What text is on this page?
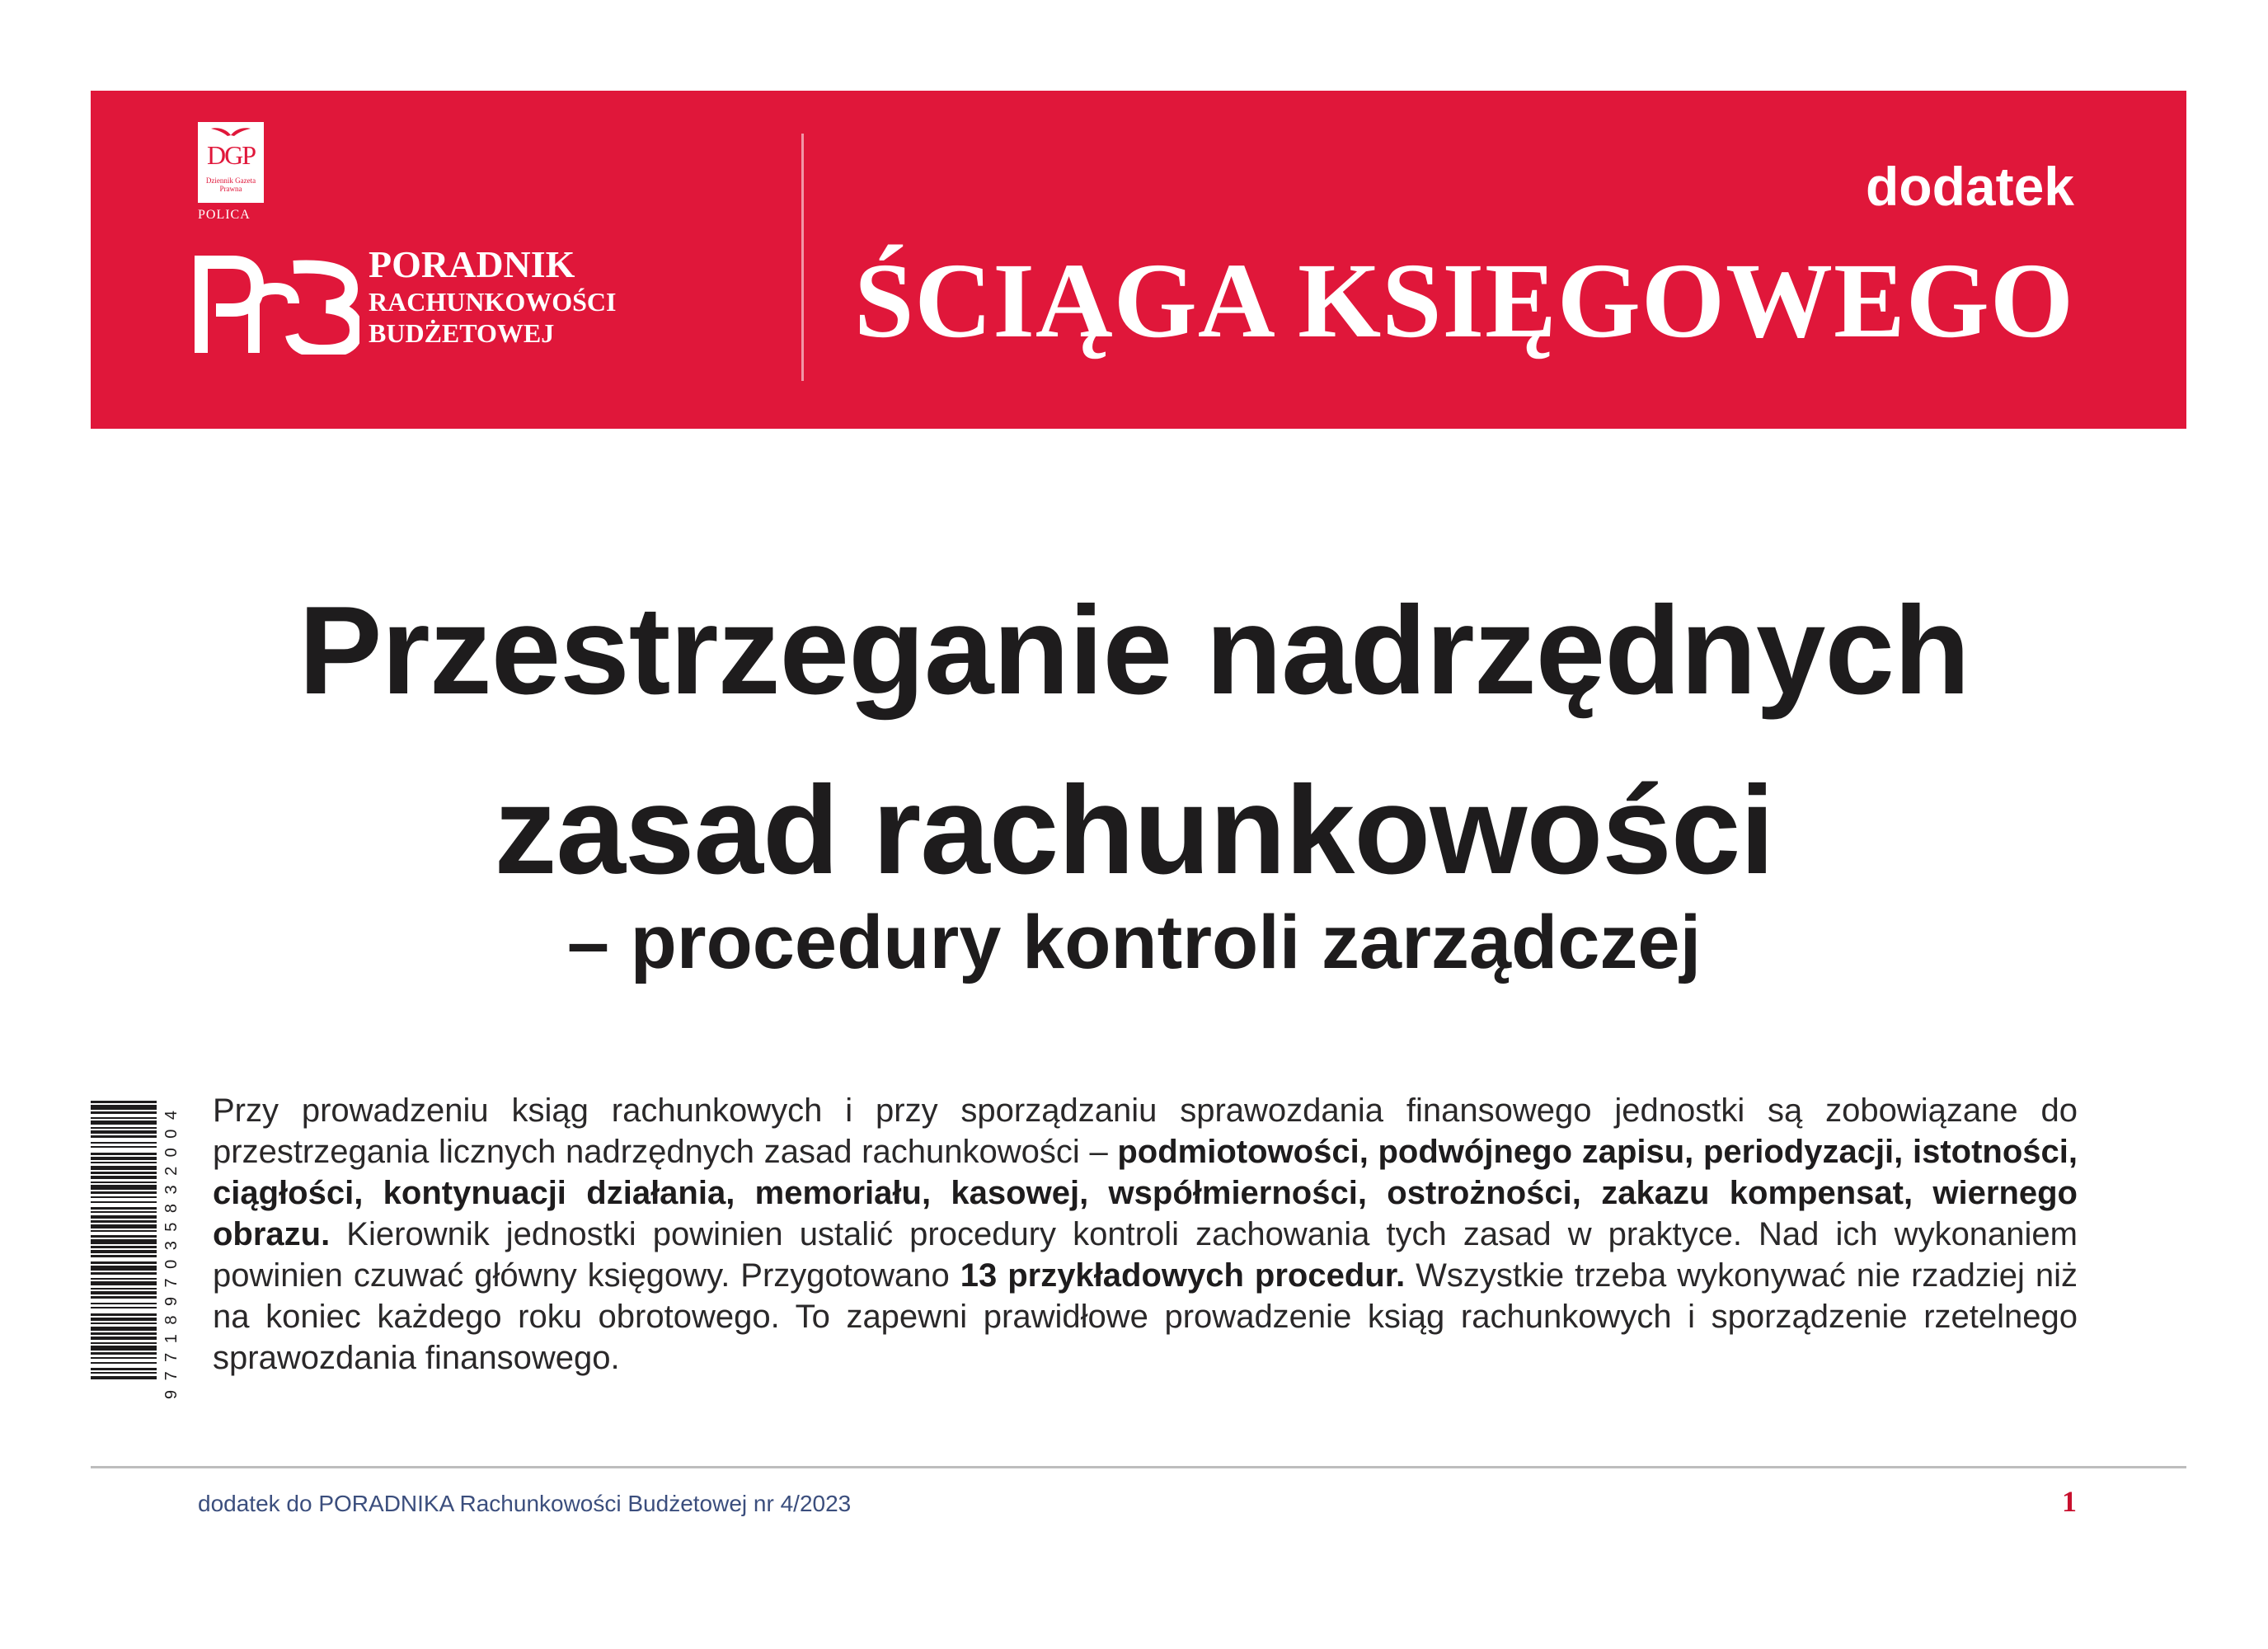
DGP
Dziennik Gazeta Prawna
POLICA
PORADNIK
RACHUNKOWOŚCI
BUDŻETOWEJ
dodatek
ŚCIĄGA KSIĘGOWEGO
Przestrzeganie nadrzędnych
zasad rachunkowości
– procedury kontroli zarządczej
9771897035832004 Przy prowadzeniu ksiąg rachunkowych i przy sporządzaniu sprawozdania finansowego jednostki są zobowiązane do przestrzegania licznych nadrzędnych zasad rachunkowości – podmiotowości, podwójnego zapisu, periodyzacji, istotności, ciągłości, kontynuacji działania, memoriału, kasowej, współmierności, ostrożności, zakazu kompensat, wiernego obrazu. Kierownik jednostki powinien ustalić procedury kontroli zachowania tych zasad w praktyce. Nad ich wykonaniem powinien czuwać główny księgowy. Przygotowano 13 przykładowych procedur. Wszystkie trzeba wykonywać nie rzadziej niż na koniec każdego roku obrotowego. To zapewni prawidłowe prowadzenie ksiąg rachunkowych i sporządzenie rzetelnego sprawozdania finansowego.
dodatek do PORADNIKA Rachunkowości Budżetowej nr 4/2023	1
